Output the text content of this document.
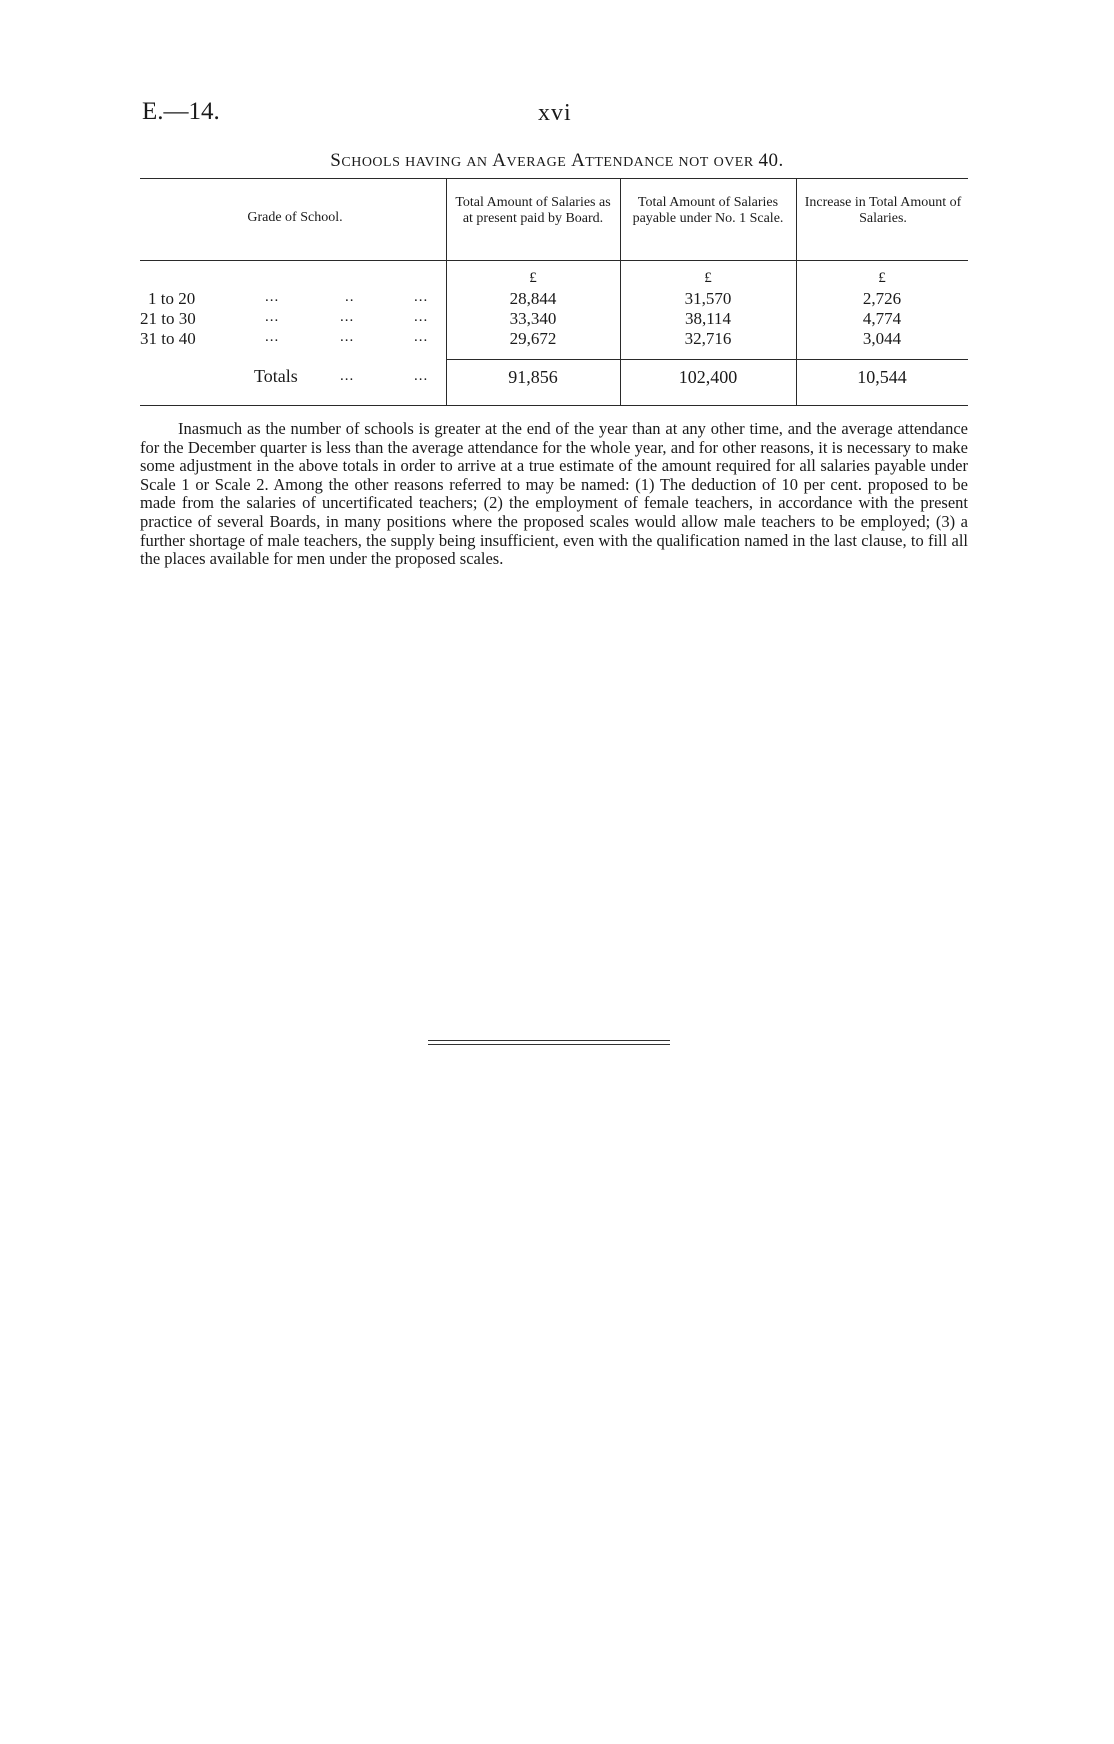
E.—14.	xvi
SCHOOLS HAVING AN AVERAGE ATTENDANCE NOT OVER 40.
Grade of School.
Total Amount of Salaries as at present paid by Board.
Total Amount of Salaries payable under No. 1 Scale.
Increase in Total Amount of Salaries.
£	£	£
1 to 20	...	..	...	28,844	31,570	2,726
21 to 30	...	...	...	33,340	38,114	4,774
31 to 40	...	...	...	29,672	32,716	3,044
Totals	...	...	91,856	102,400	10,544
Inasmuch as the number of schools is greater at the end of the year than at any other time, and the average attendance for the December quarter is less than the average attendance for the whole year, and for other reasons, it is necessary to make some adjustment in the above totals in order to arrive at a true estimate of the amount required for all salaries payable under Scale 1 or Scale 2. Among the other reasons referred to may be named: (1) The deduction of 10 per cent. proposed to be made from the salaries of uncertificated teachers; (2) the employment of female teachers, in accordance with the present practice of several Boards, in many positions where the proposed scales would allow male teachers to be employed; (3) a further shortage of male teachers, the supply being insufficient, even with the qualification named in the last clause, to fill all the places available for men under the proposed scales.
